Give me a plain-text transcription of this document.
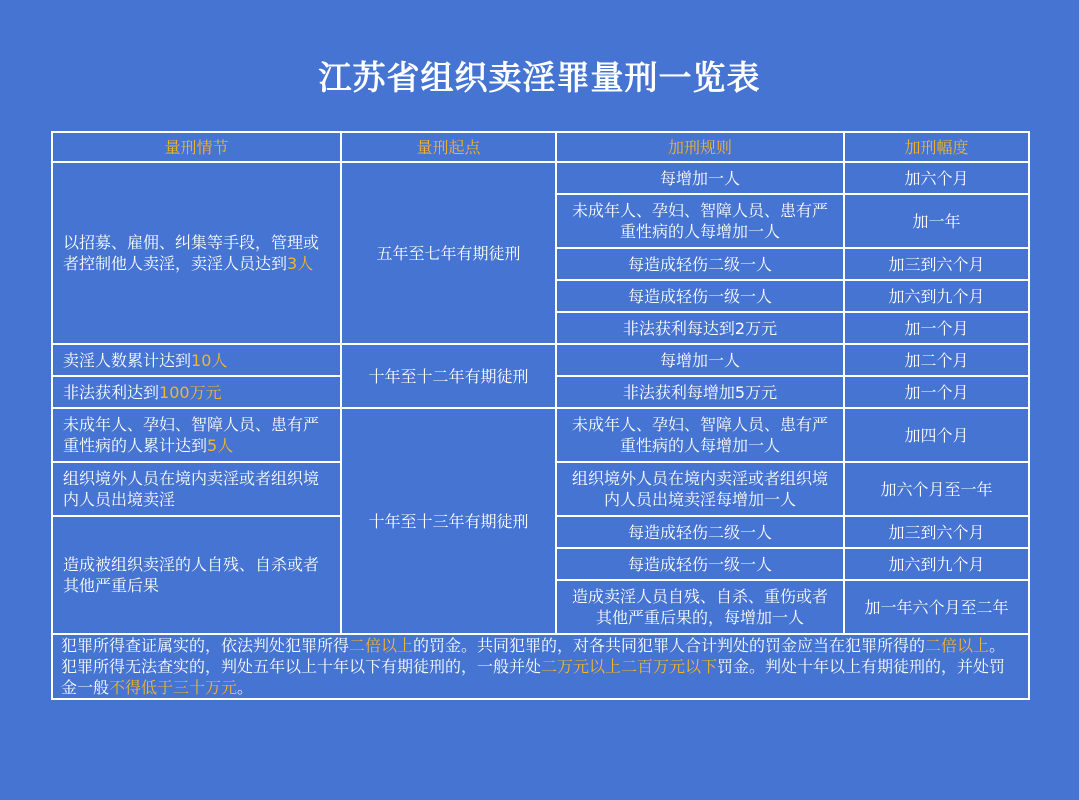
江苏省组织卖淫罪量刑一览表
量刑情节	量刑起点	加刑规则	加刑幅度
以招募、雇佣、纠集等手段，管理或者控制他人卖淫，卖淫人员达到3人	五年至七年有期徒刑	每增加一人	加六个月
		未成年人、孕妇、智障人员、患有严重性病的人每增加一人	加一年
		每造成轻伤二级一人	加三到六个月
		每造成轻伤一级一人	加六到九个月
		非法获利每达到2万元	加一个月
卖淫人数累计达到10人	十年至十二年有期徒刑	每增加一人	加二个月
非法获利达到100万元		非法获利每增加5万元	加一个月
未成年人、孕妇、智障人员、患有严重性病的人累计达到5人	十年至十三年有期徒刑	未成年人、孕妇、智障人员、患有严重性病的人每增加一人	加四个月
组织境外人员在境内卖淫或者组织境内人员出境卖淫		组织境外人员在境内卖淫或者组织境内人员出境卖淫每增加一人	加六个月至一年
造成被组织卖淫的人自残、自杀或者其他严重后果		每造成轻伤二级一人	加三到六个月
		每造成轻伤一级一人	加六到九个月
		造成卖淫人员自残、自杀、重伤或者其他严重后果的，每增加一人	加一年六个月至二年

犯罪所得查证属实的，依法判处犯罪所得二倍以上的罚金。共同犯罪的，对各共同犯罪人合计判处的罚金应当在犯罪所得的二倍以上。

犯罪所得无法查实的，判处五年以上十年以下有期徒刑的，一般并处二万元以上二百万元以下罚金。判处十年以上有期徒刑的，并处罚金一般不得低于三十万元。			
